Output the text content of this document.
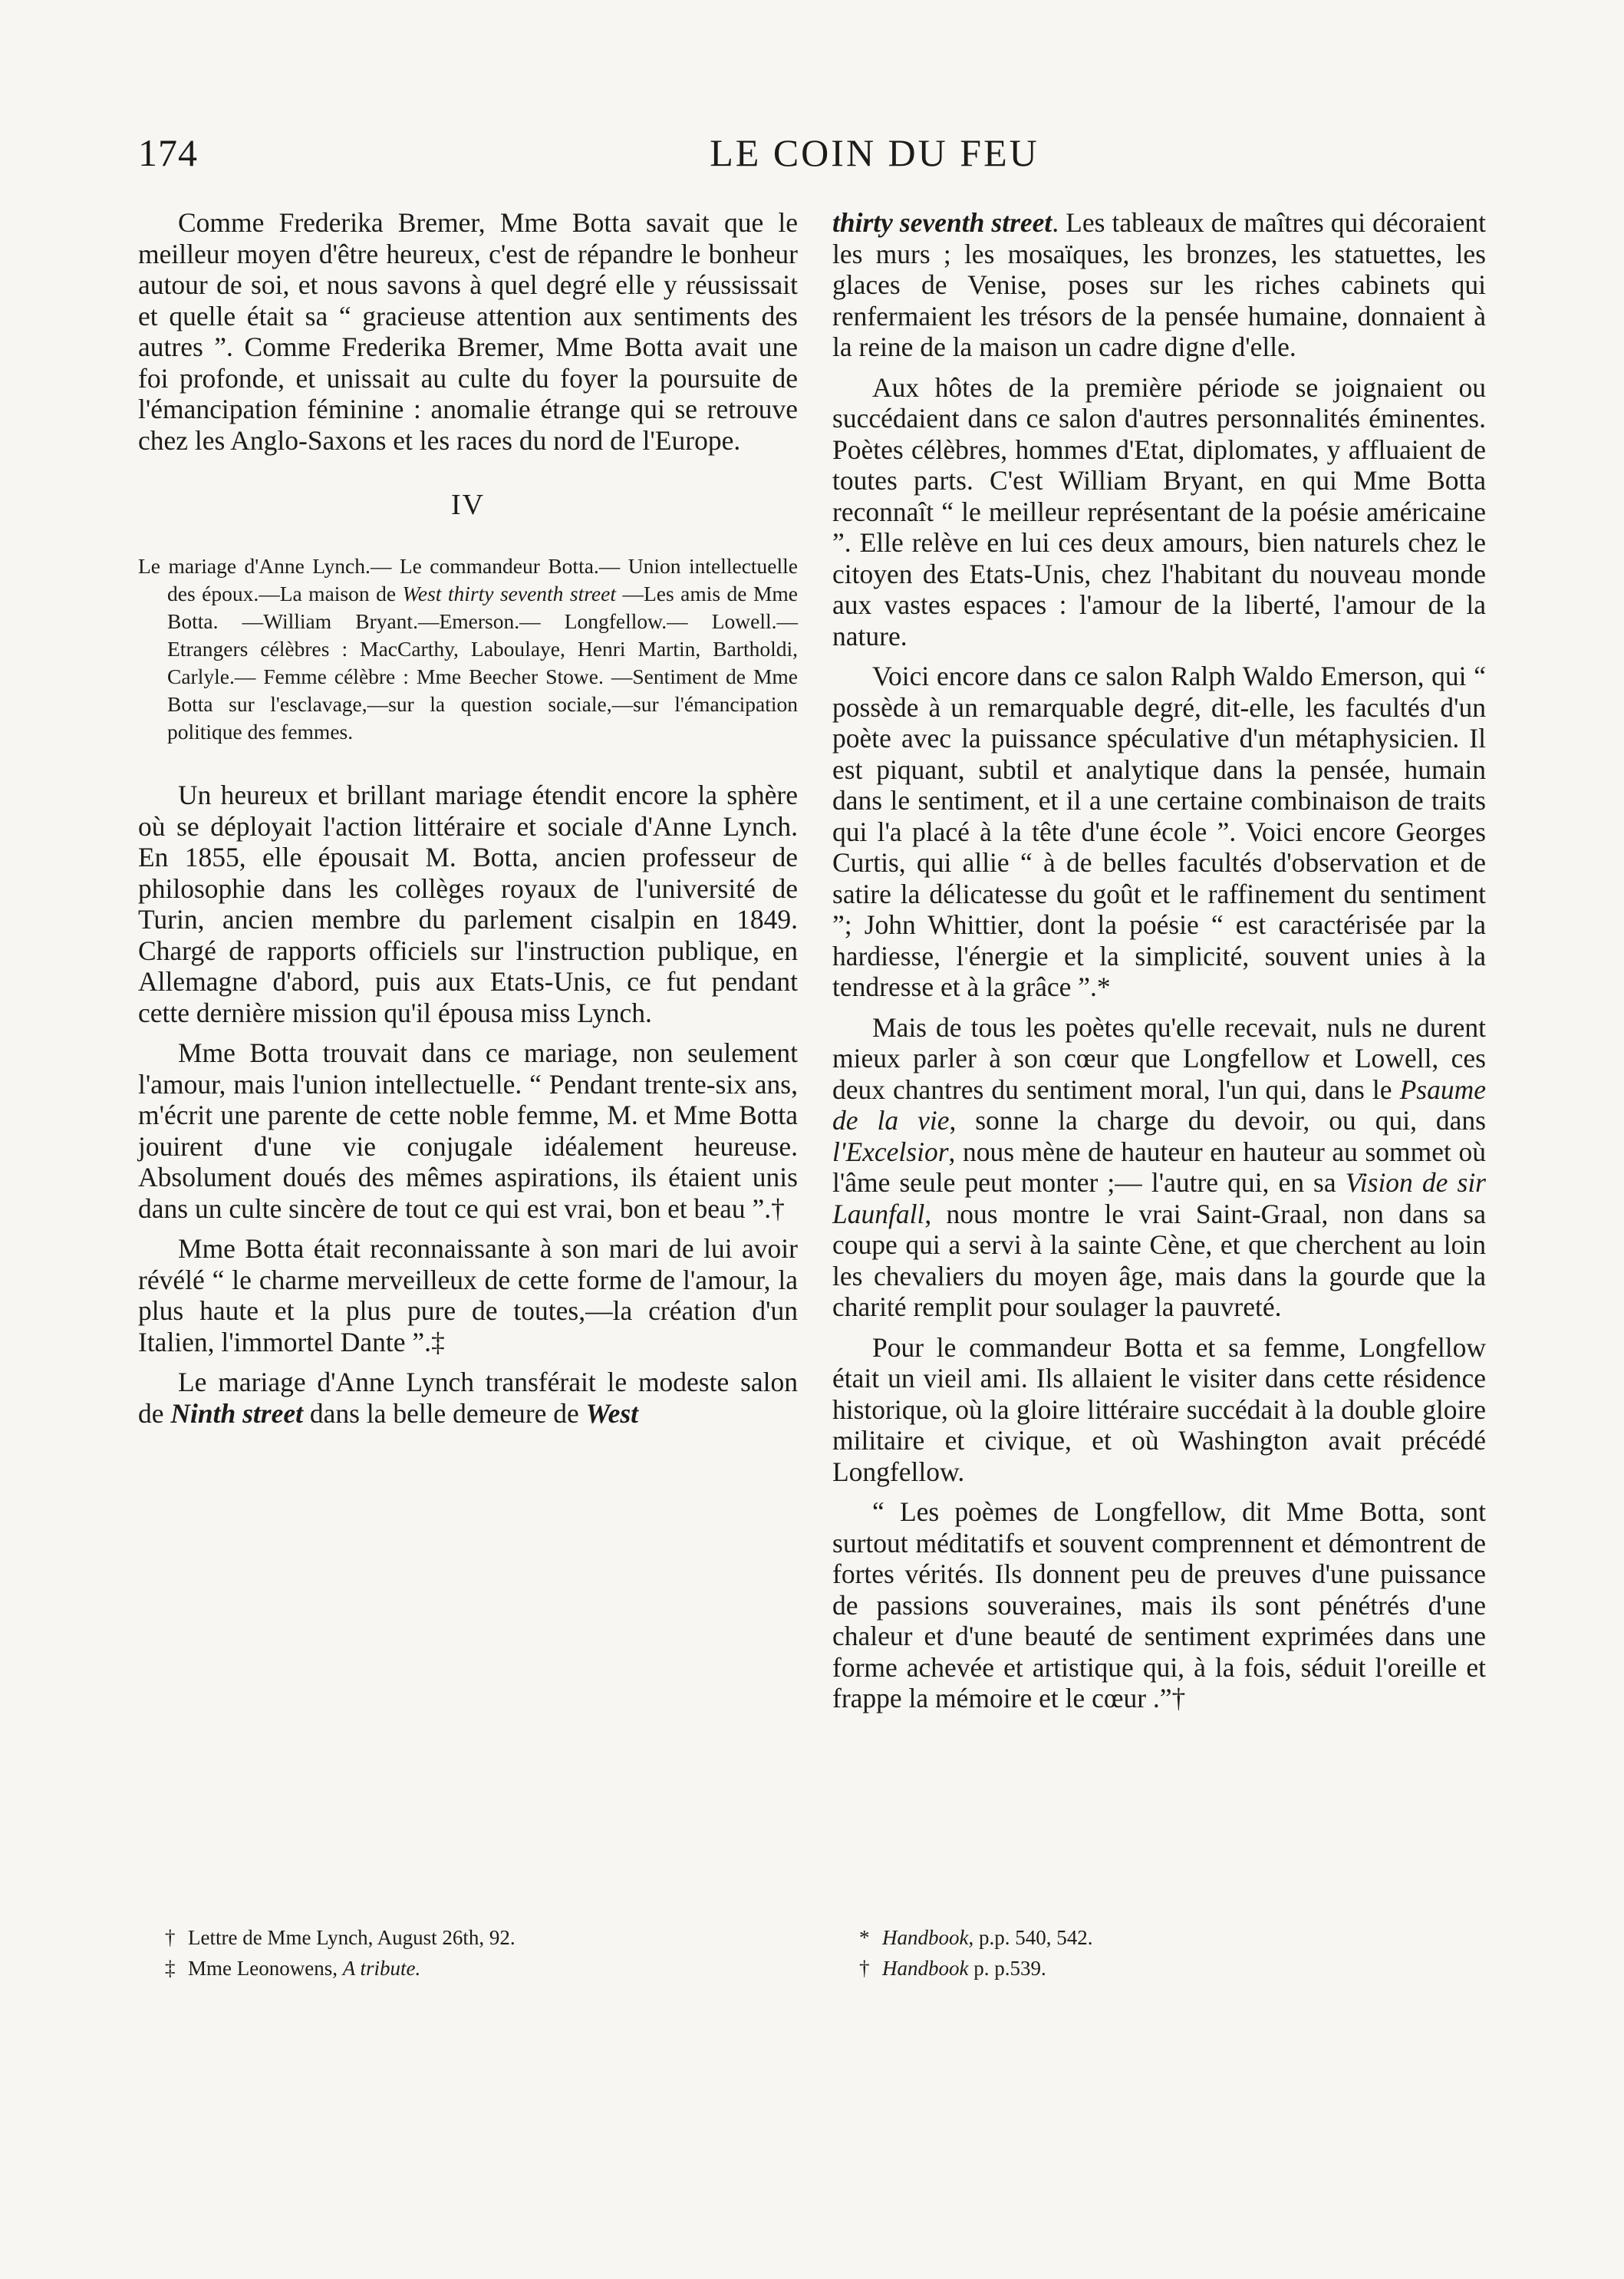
174	LE COIN DU FEU

Comme Frederika Bremer, Mme Botta savait que le meilleur moyen d'être heureux, c'est de répandre le bonheur autour de soi, et nous savons à quel degré elle y réussissait et quelle était sa “ gracieuse attention aux sentiments des autres ”. Comme Frederika Bremer, Mme Botta avait une foi profonde, et unissait au culte du foyer la poursuite de l'émancipation féminine : anomalie étrange qui se retrouve chez les Anglo-Saxons et les races du nord de l'Europe.

IV

Le mariage d'Anne Lynch.— Le commandeur Botta.— Union intellectuelle des époux.—La maison de West thirty seventh street —Les amis de Mme Botta. —William Bryant.—Emerson.— Longfellow.— Lowell.— Etrangers célèbres : MacCarthy, Laboulaye, Henri Martin, Bartholdi, Carlyle.— Femme célèbre : Mme Beecher Stowe. —Sentiment de Mme Botta sur l'esclavage,—sur la question sociale,—sur l'émancipation politique des femmes.

Un heureux et brillant mariage étendit encore la sphère où se déployait l'action littéraire et sociale d'Anne Lynch. En 1855, elle épousait M. Botta, ancien professeur de philosophie dans les collèges royaux de l'université de Turin, ancien membre du parlement cisalpin en 1849. Chargé de rapports officiels sur l'instruction publique, en Allemagne d'abord, puis aux Etats-Unis, ce fut pendant cette dernière mission qu'il épousa miss Lynch.

Mme Botta trouvait dans ce mariage, non seulement l'amour, mais l'union intellectuelle. “ Pendant trente-six ans, m'écrit une parente de cette noble femme, M. et Mme Botta jouirent d'une vie conjugale idéalement heureuse. Absolument doués des mêmes aspirations, ils étaient unis dans un culte sincère de tout ce qui est vrai, bon et beau ”.†

Mme Botta était reconnaissante à son mari de lui avoir révélé “ le charme merveilleux de cette forme de l'amour, la plus haute et la plus pure de toutes,—la création d'un Italien, l'immortel Dante ”.‡

Le mariage d'Anne Lynch transférait le modeste salon de Ninth street dans la belle demeure de West

thirty seventh street. Les tableaux de maîtres qui décoraient les murs ; les mosaïques, les bronzes, les statuettes, les glaces de Venise, poses sur les riches cabinets qui renfermaient les trésors de la pensée humaine, donnaient à la reine de la maison un cadre digne d'elle.

Aux hôtes de la première période se joignaient ou succédaient dans ce salon d'autres personnalités éminentes. Poètes célèbres, hommes d'Etat, diplomates, y affluaient de toutes parts. C'est William Bryant, en qui Mme Botta reconnaît “ le meilleur représentant de la poésie américaine ”. Elle relève en lui ces deux amours, bien naturels chez le citoyen des Etats-Unis, chez l'habitant du nouveau monde aux vastes espaces : l'amour de la liberté, l'amour de la nature.

Voici encore dans ce salon Ralph Waldo Emerson, qui “ possède à un remarquable degré, dit-elle, les facultés d'un poète avec la puissance spéculative d'un métaphysicien. Il est piquant, subtil et analytique dans la pensée, humain dans le sentiment, et il a une certaine combinaison de traits qui l'a placé à la tête d'une école ”. Voici encore Georges Curtis, qui allie “ à de belles facultés d'observation et de satire la délicatesse du goût et le raffinement du sentiment ”; John Whittier, dont la poésie “ est caractérisée par la hardiesse, l'énergie et la simplicité, souvent unies à la tendresse et à la grâce ”.*

Mais de tous les poètes qu'elle recevait, nuls ne durent mieux parler à son cœur que Longfellow et Lowell, ces deux chantres du sentiment moral, l'un qui, dans le Psaume de la vie, sonne la charge du devoir, ou qui, dans l'Excelsior, nous mène de hauteur en hauteur au sommet où l'âme seule peut monter ;— l'autre qui, en sa Vision de sir Launfall, nous montre le vrai Saint-Graal, non dans sa coupe qui a servi à la sainte Cène, et que cherchent au loin les chevaliers du moyen âge, mais dans la gourde que la charité remplit pour soulager la pauvreté.

Pour le commandeur Botta et sa femme, Longfellow était un vieil ami. Ils allaient le visiter dans cette résidence historique, où la gloire littéraire succédait à la double gloire militaire et civique, et où Washington avait précédé Longfellow.

“ Les poèmes de Longfellow, dit Mme Botta, sont surtout méditatifs et souvent comprennent et démontrent de fortes vérités. Ils donnent peu de preuves d'une puissance de passions souveraines, mais ils sont pénétrés d'une chaleur et d'une beauté de sentiment exprimées dans une forme achevée et artistique qui, à la fois, séduit l'oreille et frappe la mémoire et le cœur .”†

† Lettre de Mme Lynch, August 26th, 92.
‡ Mme Leonowens, A tribute.
* Handbook, p.p. 540, 542.
† Handbook p. p.539.
